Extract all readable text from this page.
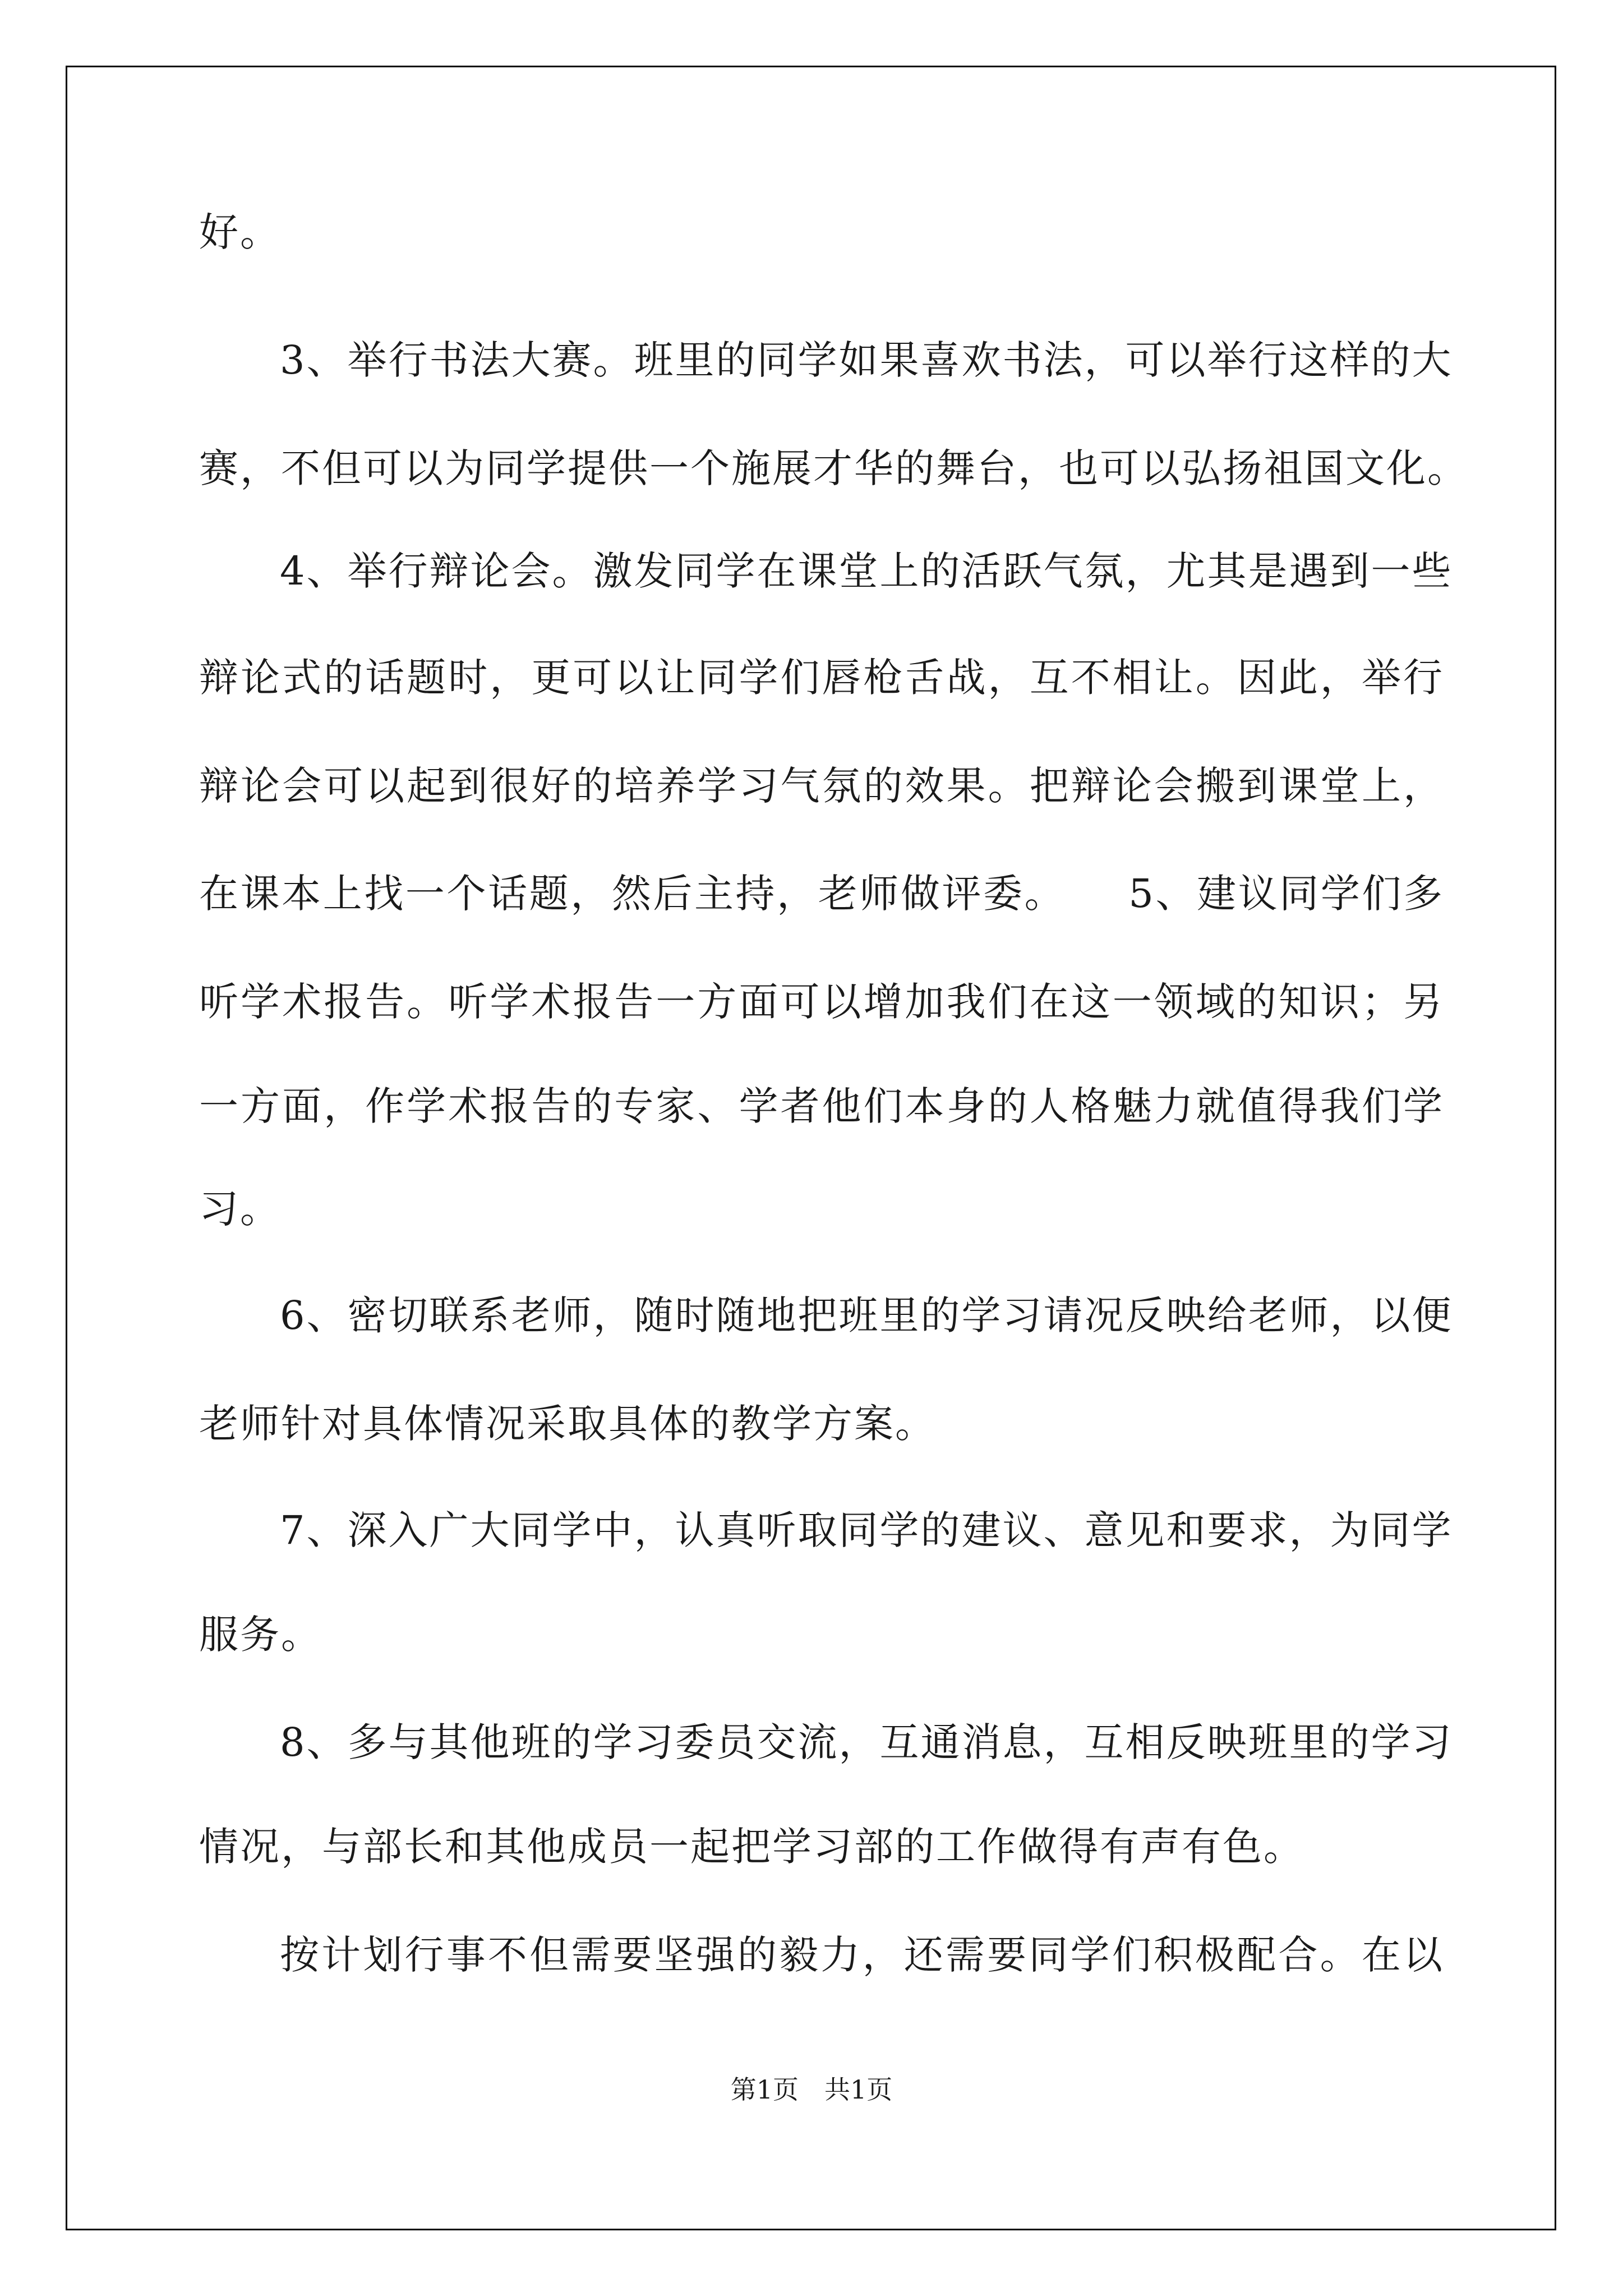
好。
3、举行书法大赛。班里的同学如果喜欢书法，可以举行这样的大
赛，不但可以为同学提供一个施展才华的舞台，也可以弘扬祖国文化。
4、举行辩论会。激发同学在课堂上的活跃气氛，尤其是遇到一些
辩论式的话题时，更可以让同学们唇枪舌战，互不相让。因此，举行
辩论会可以起到很好的培养学习气氛的效果。把辩论会搬到课堂上，
在课本上找一个话题，然后主持，老师做评委。　　5、建议同学们多
听学术报告。听学术报告一方面可以增加我们在这一领域的知识；另
一方面，作学术报告的专家、学者他们本身的人格魅力就值得我们学
习。
6、密切联系老师，随时随地把班里的学习请况反映给老师，以便
老师针对具体情况采取具体的教学方案。
7、深入广大同学中，认真听取同学的建议、意见和要求，为同学
服务。
8、多与其他班的学习委员交流，互通消息，互相反映班里的学习
情况，与部长和其他成员一起把学习部的工作做得有声有色。
按计划行事不但需要坚强的毅力，还需要同学们积极配合。在以
第1页　共1页
